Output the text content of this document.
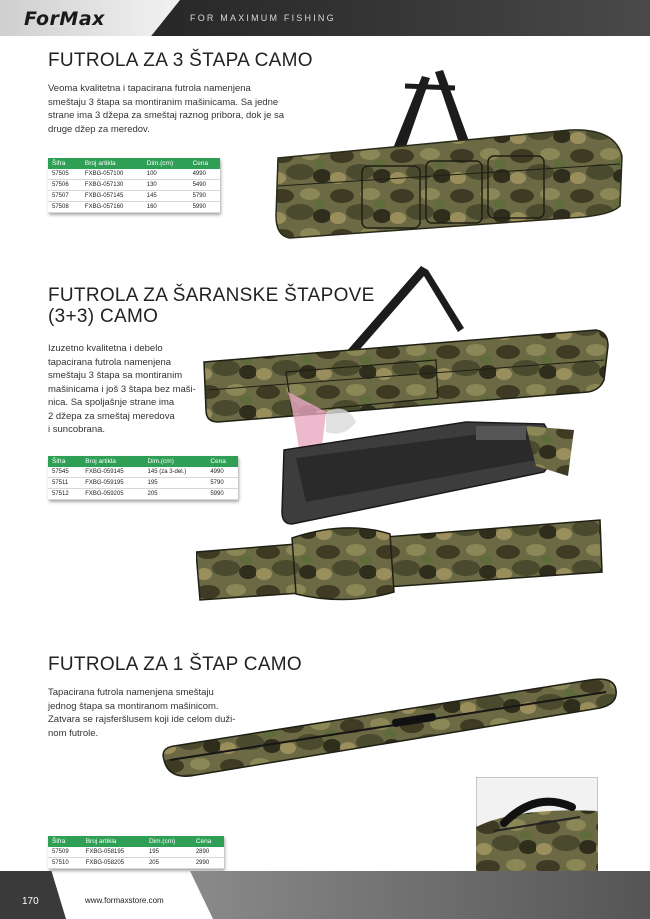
ForMax	FOR MAXIMUM FISHING
FUTROLA ZA 3 ŠTAPA CAMO
Veoma kvalitetna i tapacirana futrola namenjena
smeštaju 3 štapa sa montiranim mašinicama. Sa jedne
strane ima 3 džepa za smeštaj raznog pribora, dok je sa
druge džep za meredov.
Šifra	Broj artikla	Dim.(cm)	Cena
57505	FXBG-057100	100	4990
57506	FXBG-057130	130	5490
57507	FXBG-057145	145	5790
57508	FXBG-057160	160	5990
FUTROLA ZA ŠARANSKE ŠTAPOVE
(3+3) CAMO
Izuzetno kvalitetna i debelo
tapacirana futrola namenjena
smeštaju 3 štapa sa montiranim
mašinicama i još 3 štapa bez maši-
nica. Sa spoljašnje strane ima
2 džepa za smeštaj meredova
i suncobrana.
Šifra	Broj artikla	Dim.(cm)	Cena
57545	FXBG-059145	145 (za 3-del.)	4990
57511	FXBG-059195	195	5790
57512	FXBG-059205	205	5990
FUTROLA ZA 1 ŠTAP CAMO
Tapacirana futrola namenjena smeštaju
jednog štapa sa montiranom mašinicom.
Zatvara se rajsferšlusem koji ide celom duži-
nom futrole.
Šifra	Broj artikla	Dim.(cm)	Cena
57509	FXBG-058195	195	2890
57510	FXBG-058205	205	2990
170	www.formaxstore.com
